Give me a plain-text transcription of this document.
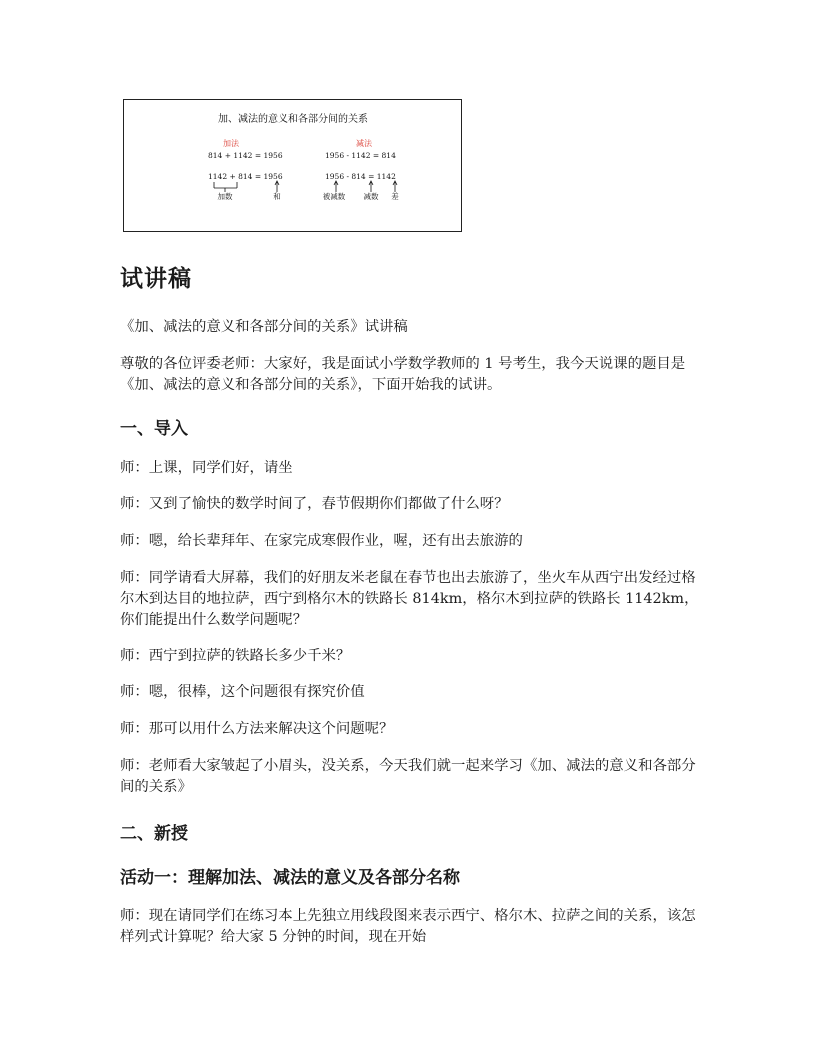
加、减法的意义和各部分间的关系
加法	减法
814 + 1142 = 1956	1956 - 1142 = 814
1142 + 814 = 1956	1956 - 814 = 1142
加数	和	被减数 减数 差
试讲稿

《加、减法的意义和各部分间的关系》试讲稿

尊敬的各位评委老师：大家好，我是面试小学数学教师的 1 号考生，我今天说课的题目是《加、减法的意义和各部分间的关系》，下面开始我的试讲。

一、导入

师：上课，同学们好，请坐

师：又到了愉快的数学时间了，春节假期你们都做了什么呀？

师：嗯，给长辈拜年、在家完成寒假作业，喔，还有出去旅游的

师：同学请看大屏幕，我们的好朋友米老鼠在春节也出去旅游了，坐火车从西宁出发经过格尔木到达目的地拉萨，西宁到格尔木的铁路长 814km，格尔木到拉萨的铁路长 1142km，你们能提出什么数学问题呢？

师：西宁到拉萨的铁路长多少千米？

师：嗯，很棒，这个问题很有探究价值

师：那可以用什么方法来解决这个问题呢？

师：老师看大家皱起了小眉头，没关系，今天我们就一起来学习《加、减法的意义和各部分间的关系》

二、新授
活动一：理解加法、减法的意义及各部分名称

师：现在请同学们在练习本上先独立用线段图来表示西宁、格尔木、拉萨之间的关系，该怎样列式计算呢？给大家 5 分钟的时间，现在开始
